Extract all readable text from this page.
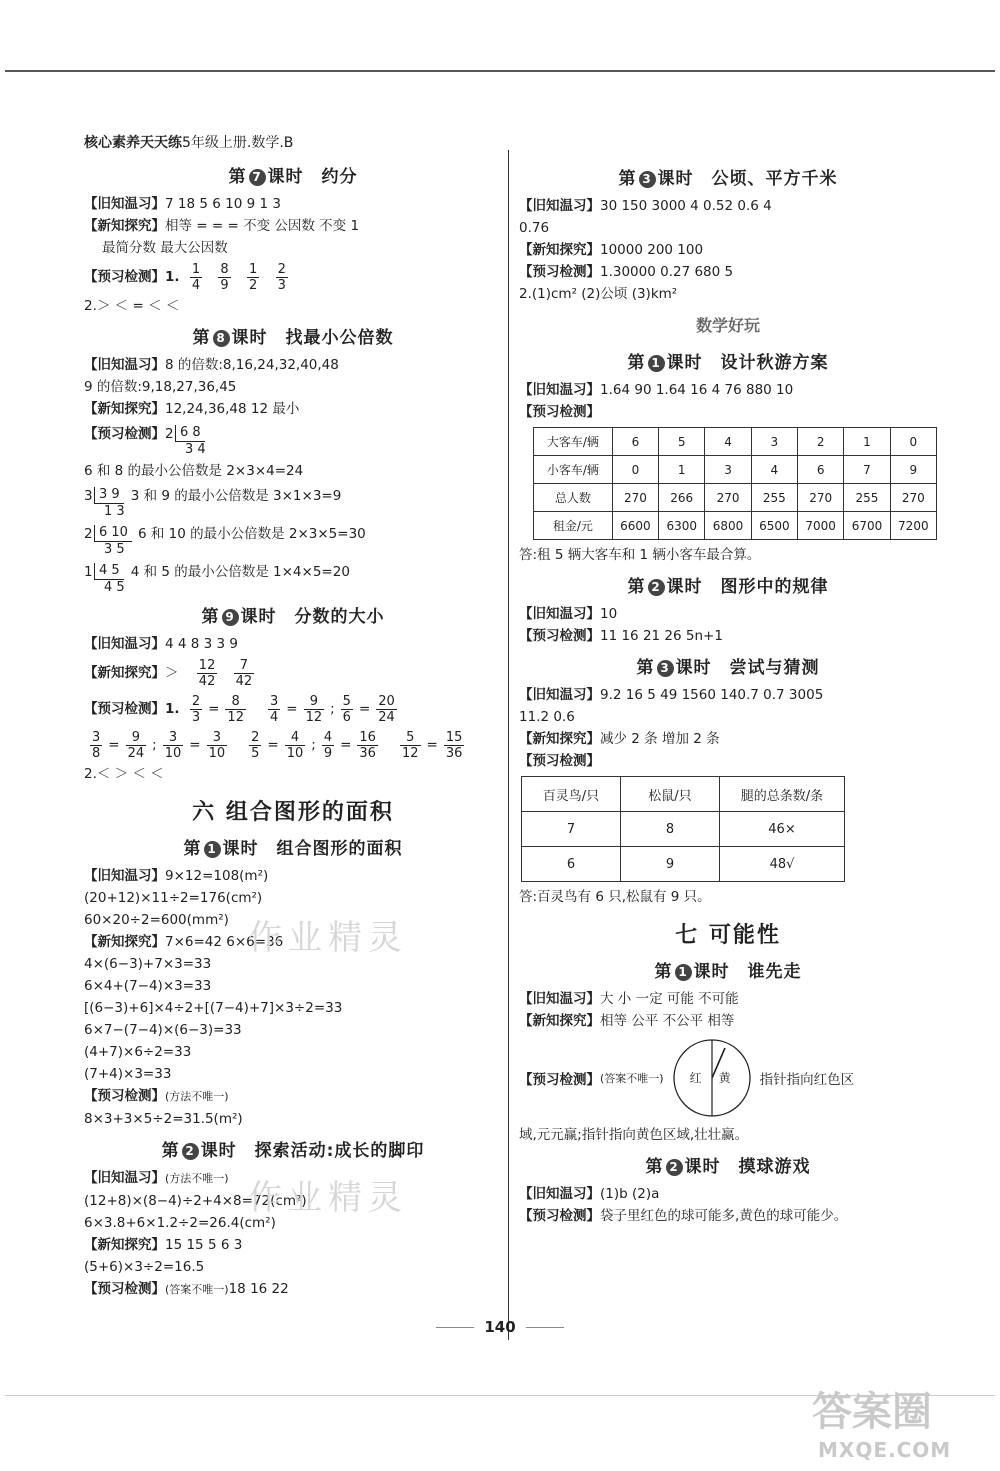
核心素养天天练5年级上册.数学.B
第 7 课时 约分
【旧知温习】7 18 5 6 10 9 1 3
【新知探究】相等 = = = 不变 公因数 不变 1
最简分数 最大公因数
【预习检测】1. $\frac{1}{4}$
$\frac{8}{9}$
$\frac{1}{2}$
$\frac{2}{3}$
2.＞ ＜ = ＜ ＜
第 8 课时 找最小公倍数
【旧知温习】8 的倍数:8,16,24,32,40,48
9 的倍数:9,18,27,36,45
【新知探究】12,24,36,48 12 最小
【预习检测】 2 6 8
3 4
6 和 8 的最小公倍数是 2×3×4=24
3 3 9
1 3
3 和 9 的最小公倍数是 3×1×3=9
2 6 10
3 5
6 和 10 的最小公倍数是 2×3×5=30
1 4 5
4 5
4 和 5 的最小公倍数是 1×4×5=20
第 9 课时 分数的大小
【旧知温习】4 4 8 3 3 9
【新知探究】＞ $\frac{12}{42}$
$\frac{7}{42}$
【预习检测】1. $\frac{2}{3} = \frac{8}{12} \frac{3}{4} = \frac{9}{12}$ ; $\frac{5}{6} = \frac{20}{24}$
$\frac{3}{8} = \frac{9}{24}$ ; $\frac{3}{10} = \frac{3}{10} \frac{2}{5} = \frac{4}{10}$ ; $\frac{4}{9} = \frac{16}{36} \frac{5}{12} = \frac{15}{36}$
2.＜ ＞ ＜ ＜
六 组合图形的面积
第 1 课时 组合图形的面积
【旧知温习】9×12=108(m²)
(20+12)×11÷2=176(cm²)
60×20÷2=600(mm²)
【新知探究】7×6=42 6×6=36
4×(6−3)+7×3=33
6×4+(7−4)×3=33
[(6−3)+6]×4÷2+[(7−4)+7]×3÷2=33
6×7−(7−4)×(6−3)=33
(4+7)×6÷2=33
(7+4)×3=33
【预习检测】(方法不唯一)
8×3+3×5÷2=31.5(m²)
第 2 课时 探索活动:成长的脚印
【旧知温习】(方法不唯一)
(12+8)×(8−4)÷2+4×8=72(cm²)
6×3.8+6×1.2÷2=26.4(cm²)
【新知探究】15 15 5 6 3
(5+6)×3÷2=16.5
【预习检测】(答案不唯一)18 16 22
第 3 课时 公顷、平方千米
【旧知温习】30 150 3000 4 0.52 0.6 4
0.76
【新知探究】10000 200 100
【预习检测】1.30000 0.27 680 5
2.(1)cm² (2)公顷 (3)km²
数学好玩
第 1 课时 设计秋游方案
【旧知温习】1.64 90 1.64 16 4 76 880 10
【预习检测】
大客车/辆	6	5	4	3	2	1	0
小客车/辆	0	1	3	4	6	7	9
总人数	270	266	270	255	270	255	270
租金/元	6600	6300	6800	6500	7000	6700	7200
答:租 5 辆大客车和 1 辆小客车最合算。
第 2 课时 图形中的规律
【旧知温习】10
【预习检测】11 16 21 26 5n+1
第 3 课时 尝试与猜测
【旧知温习】9.2 16 5 49 1560 140.7 0.7 3005
11.2 0.6
【新知探究】减少 2 条 增加 2 条
【预习检测】
百灵鸟/只	松鼠/只	腿的总条数/条
7	8	46×
6	9	48√
答:百灵鸟有 6 只,松鼠有 9 只。
七 可能性
第 1 课时 谁先走
【旧知温习】大 小 一定 可能 不可能
【新知探究】相等 公平 不公平 相等
【预习检测】 (答案不唯一) 红 黄 指针指向红色区
域,元元赢;指针指向黄色区域,壮壮赢。
第 2 课时 摸球游戏
【旧知温习】(1)b (2)a
【预习检测】袋子里红色的球可能多,黄色的球可能少。
140
作业精灵
作业精灵
答案圈
MXQE.COM
